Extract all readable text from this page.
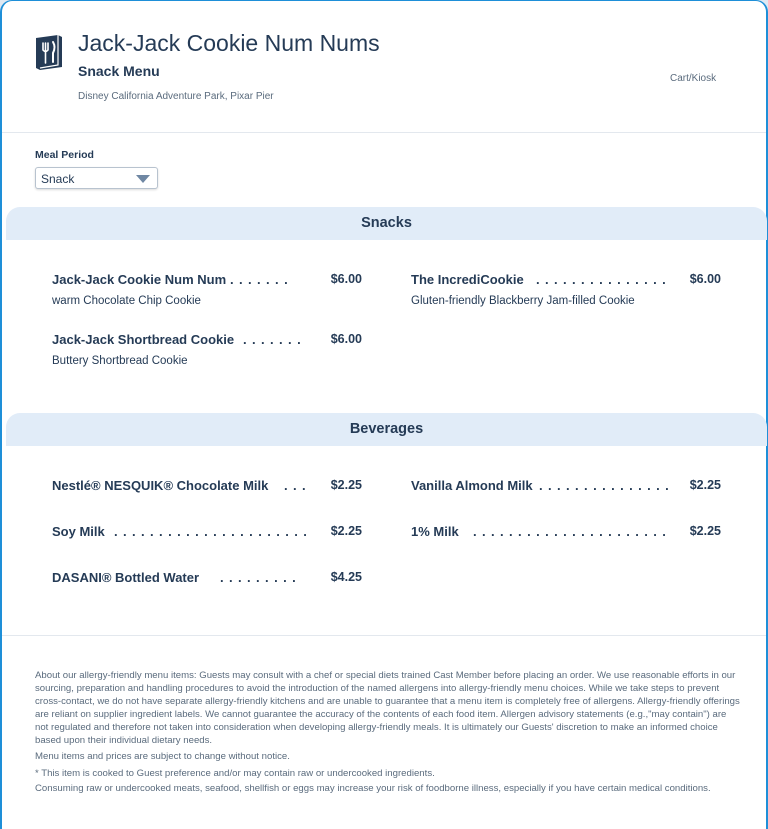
Jack-Jack Cookie Num Nums
Snack Menu
Disney California Adventure Park, Pixar Pier
Cart/Kiosk
Meal Period
Snack
Snacks
Jack-Jack Cookie Num Num .......	$6.00
warm Chocolate Chip Cookie
The IncrediCookie ...............	$6.00
Gluten-friendly Blackberry Jam-filled Cookie
Jack-Jack Shortbread Cookie ....... $6.00
Buttery Shortbread Cookie
Beverages
Nestlé® NESQUIK® Chocolate Milk ... $2.25	Vanilla Almond Milk ............... $2.25
Soy Milk ...................... $2.25	1% Milk ...................... $2.25
DASANI® Bottled Water .........	$4.25
About our allergy-friendly menu items: Guests may consult with a chef or special diets trained Cast Member before placing an order. We use reasonable efforts in our sourcing, preparation and handling procedures to avoid the introduction of the named allergens into allergy-friendly menu choices. While we take steps to prevent cross-contact, we do not have separate allergy-friendly kitchens and are unable to guarantee that a menu item is completely free of allergens. Allergy-friendly offerings are reliant on supplier ingredient labels. We cannot guarantee the accuracy of the contents of each food item. Allergen advisory statements (e.g.,"may contain") are not regulated and therefore not taken into consideration when developing allergy-friendly meals. It is ultimately our Guests' discretion to make an informed choice based upon their individual dietary needs.
Menu items and prices are subject to change without notice.
* This item is cooked to Guest preference and/or may contain raw or undercooked ingredients.
Consuming raw or undercooked meats, seafood, shellfish or eggs may increase your risk of foodborne illness, especially if you have certain medical conditions.
